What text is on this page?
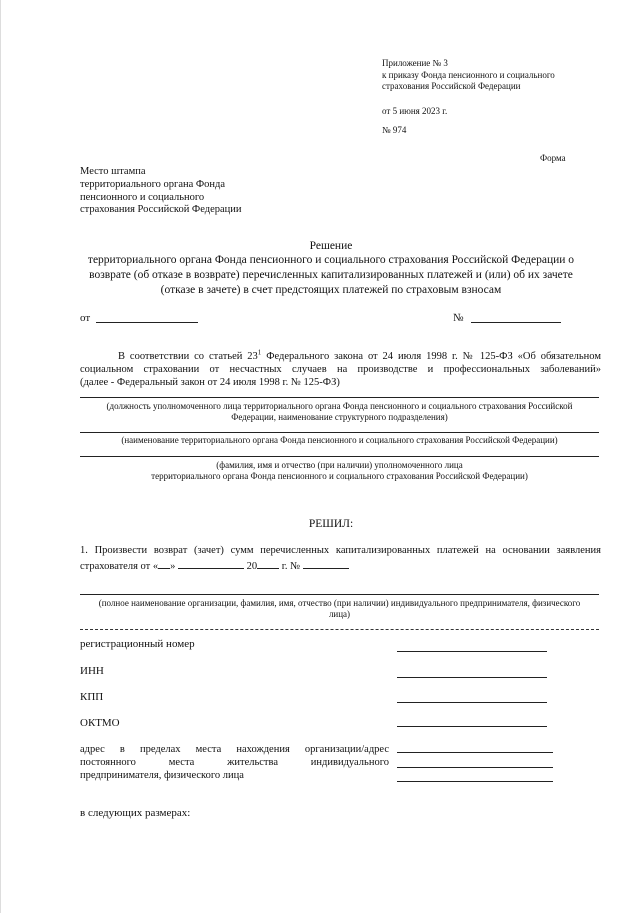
Приложение № 3
к приказу Фонда пенсионного и социального
страхования Российской Федерации
от 5 июня 2023 г.
№ 974
Форма
Место штампа
территориального органа Фонда
пенсионного и социального
страхования Российской Федерации
Решение
территориального органа Фонда пенсионного и социального страхования Российской Федерации о
возврате (об отказе в возврате) перечисленных капитализированных платежей и (или) об их зачете
(отказе в зачете) в счет предстоящих платежей по страховым взносам
от	№
В соответствии со статьей $23^1$ Федерального закона от 24 июля 1998 г. № 125-ФЗ «Об обязательном
социальном страховании от несчастных случаев на производстве и профессиональных заболеваний»
(далее - Федеральный закон от 24 июля 1998 г. № 125-ФЗ)
(должность уполномоченного лица территориального органа Фонда пенсионного и социального страхования Российской
Федерации, наименование структурного подразделения)
(наименование территориального органа Фонда пенсионного и социального страхования Российской Федерации)
(фамилия, имя и отчество (при наличии) уполномоченного лица
территориального органа Фонда пенсионного и социального страхования Российской Федерации)
РЕШИЛ:
1. Произвести возврат (зачет) сумм перечисленных капитализированных платежей на основании заявления
страхователя от « »	20 г. №
(полное наименование организации, фамилия, имя, отчество (при наличии) индивидуального предпринимателя, физического
лица)
регистрационный номер
ИНН
КПП
ОКТМО
адрес в пределах места нахождения организации/адрес
постоянного места жительства индивидуального
предпринимателя, физического лица
в следующих размерах:
